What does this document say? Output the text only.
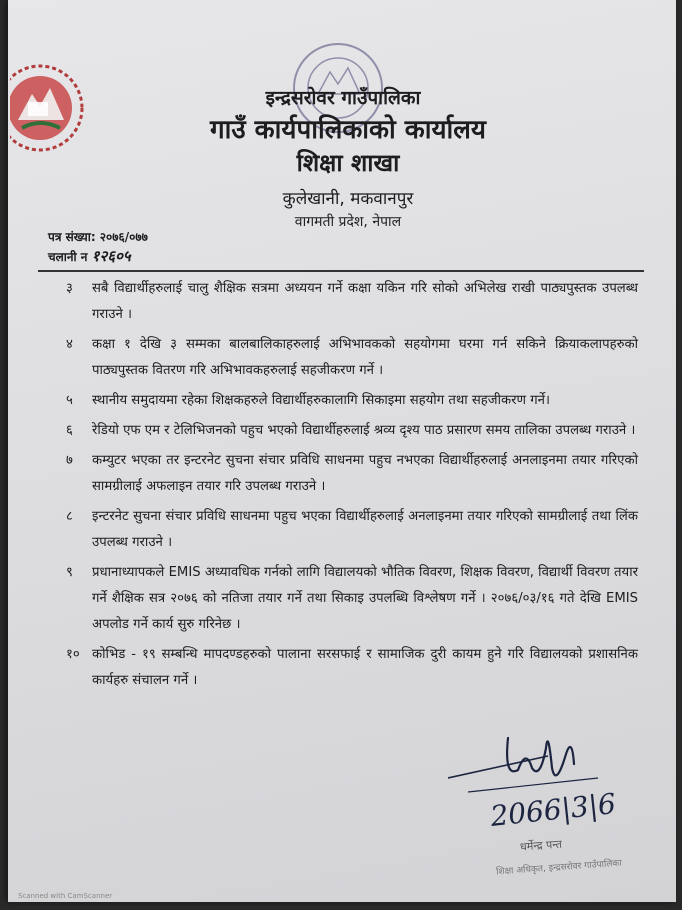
इन्द्रसरोवर गाउँपालिका
गाउँ कार्यपालिकाको कार्यालय
शिक्षा शाखा
कुलेखानी, मकवानपुर
वागमती प्रदेश, नेपाल
पत्र संख्या: २०७६/०७७
चलानी न १२६०५
३	सबै विद्यार्थीहरुलाई चालु शैक्षिक सत्रमा अध्ययन गर्ने कक्षा यकिन गरि सोको अभिलेख राखी पाठ्यपुस्तक उपलब्ध गराउने ।
४	कक्षा १ देखि ३ सम्मका बालबालिकाहरुलाई अभिभावकको सहयोगमा घरमा गर्न सकिने क्रियाकलापहरुको पाठ्यपुस्तक वितरण गरि अभिभावकहरुलाई सहजीकरण गर्ने ।
५	स्थानीय समुदायमा रहेका शिक्षकहरुले विद्यार्थीहरुकालागि सिकाइमा सहयोग तथा सहजीकरण गर्ने।
६	रेडियो एफ एम र टेलिभिजनको पहुच भएको विद्यार्थीहरुलाई श्रव्य दृश्य पाठ प्रसारण समय तालिका उपलब्ध गराउने ।
७	कम्युटर भएका तर इन्टरनेट सुचना संचार प्रविधि साधनमा पहुच नभएका विद्यार्थीहरुलाई अनलाइनमा तयार गरिएको सामग्रीलाई अफलाइन तयार गरि उपलब्ध गराउने ।
८	इन्टरनेट सुचना संचार प्रविधि साधनमा पहुच भएका विद्यार्थीहरुलाई अनलाइनमा तयार गरिएको सामग्रीलाई तथा लिंक उपलब्ध गराउने ।
९	प्रधानाध्यापकले EMIS अध्यावधिक गर्नको लागि विद्यालयको भौतिक विवरण, शिक्षक विवरण, विद्यार्थी विवरण तयार गर्ने शैक्षिक सत्र २०७६ को नतिजा तयार गर्ने तथा सिकाइ उपलब्धि विश्लेषण गर्ने । २०७६/०३/१६ गते देखि EMIS अपलोड गर्ने कार्य सुरु गरिनेछ ।
१० कोभिड - १९ सम्बन्धि मापदण्डहरुको पालाना सरसफाई र सामाजिक दुरी कायम हुने गरि विद्यालयको प्रशासनिक कार्यहरु संचालन गर्ने ।
2066|3|6
धर्मेन्द्र पन्त
शिक्षा अधिकृत, इन्द्रसरोवर गाउँपालिका
Scanned with CamScanner
